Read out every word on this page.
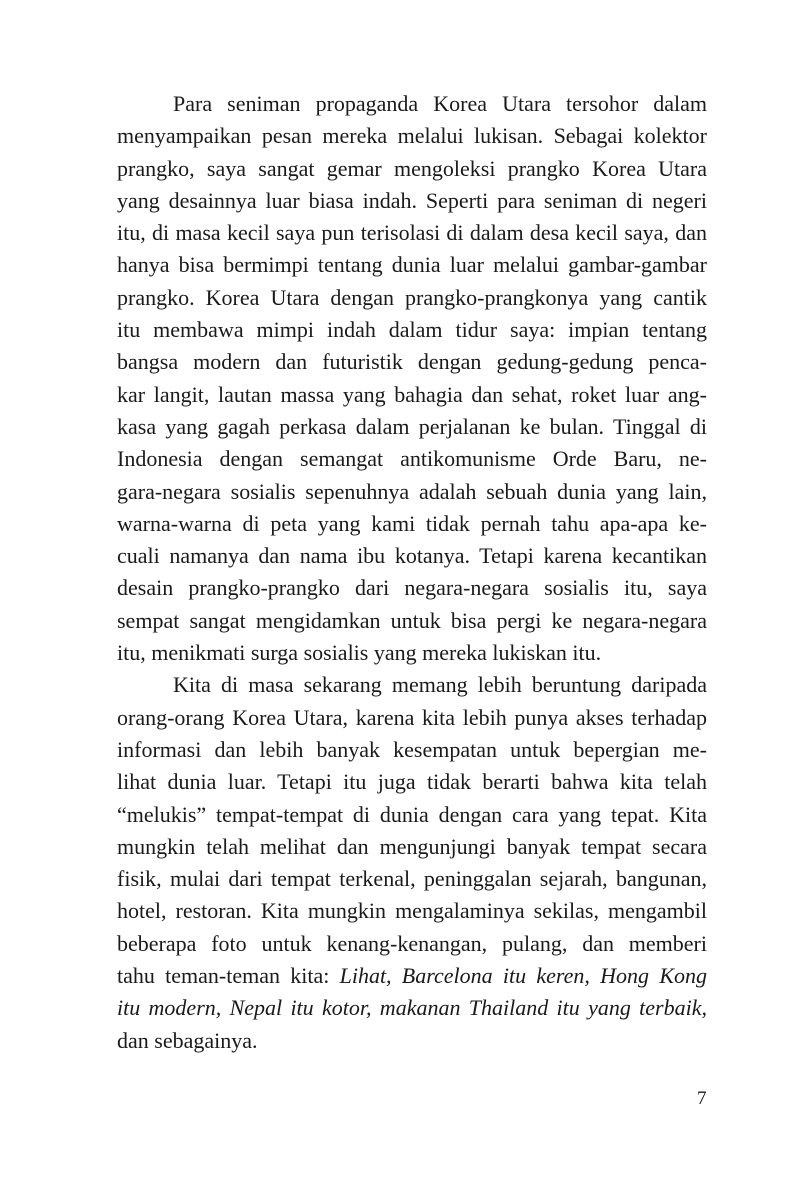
Para seniman propaganda Korea Utara tersohor dalam
menyampaikan pesan mereka melalui lukisan. Sebagai kolektor
prangko, saya sangat gemar mengoleksi prangko Korea Utara
yang desainnya luar biasa indah. Seperti para seniman di negeri
itu, di masa kecil saya pun terisolasi di dalam desa kecil saya, dan
hanya bisa bermimpi tentang dunia luar melalui gambar-gambar
prangko. Korea Utara dengan prangko-prangkonya yang cantik
itu membawa mimpi indah dalam tidur saya: impian tentang
bangsa modern dan futuristik dengan gedung-gedung penca-
kar langit, lautan massa yang bahagia dan sehat, roket luar ang-
kasa yang gagah perkasa dalam perjalanan ke bulan. Tinggal di
Indonesia dengan semangat antikomunisme Orde Baru, ne-
gara-negara sosialis sepenuhnya adalah sebuah dunia yang lain,
warna-warna di peta yang kami tidak pernah tahu apa-apa ke-
cuali namanya dan nama ibu kotanya. Tetapi karena kecantikan
desain prangko-prangko dari negara-negara sosialis itu, saya
sempat sangat mengidamkan untuk bisa pergi ke negara-negara
itu, menikmati surga sosialis yang mereka lukiskan itu.
Kita di masa sekarang memang lebih beruntung daripada
orang-orang Korea Utara, karena kita lebih punya akses terhadap
informasi dan lebih banyak kesempatan untuk bepergian me-
lihat dunia luar. Tetapi itu juga tidak berarti bahwa kita telah
“melukis” tempat-tempat di dunia dengan cara yang tepat. Kita
mungkin telah melihat dan mengunjungi banyak tempat secara
fisik, mulai dari tempat terkenal, peninggalan sejarah, bangunan,
hotel, restoran. Kita mungkin mengalaminya sekilas, mengambil
beberapa foto untuk kenang-kenangan, pulang, dan memberi
tahu teman-teman kita: Lihat, Barcelona itu keren, Hong Kong
itu modern, Nepal itu kotor, makanan Thailand itu yang terbaik,
dan sebagainya.
7
